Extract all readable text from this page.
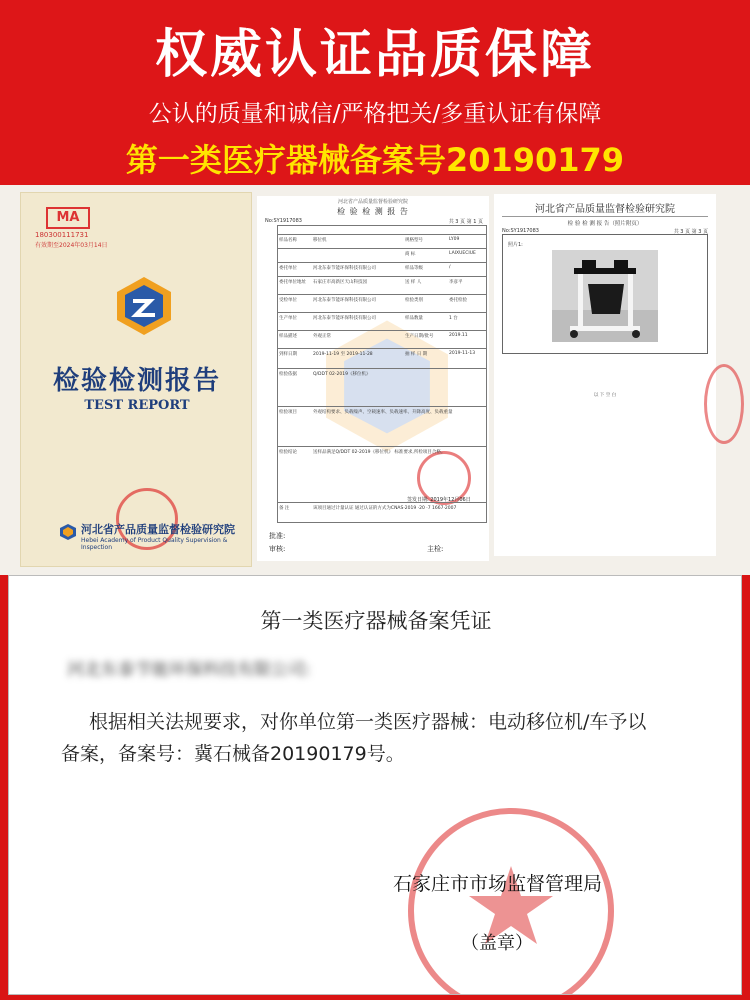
权威认证品质保障
公认的质量和诚信/严格把关/多重认证有保障
第一类医疗器械备案号20190179
MA
180300111731
有效期至2024年03月14日
检验检测报告
TEST REPORT
河北省产品质量监督检验研究院
Hebei Academy of Product Quality Supervision & Inspection
河北省产品质量监督检验研究院
检 验 检 测 报 告
No:SY1917083	共 3 页 第 1 页
签发日期: 2019年12月06日
批准:
审核:	主检:
样品名称	移位机	规格型号	LY09
商 标	LAIXUECIUE
委托单位	河北东泰节能环保科技有限公司	样品等级	/
委托单位地址 石家庄市高新区天山科技园	送 样 人	李彦平
受检单位	河北东泰节能环保科技有限公司	检验类别	委托检验
生产单位	河北东泰节能环保科技有限公司	样品数量	1 台
样品描述	外观正常	生产日期/批号	2019.11
到样日期	2019-11-19 至 2019-11-28	抽 样 日 期	2019-11-13
检验依据	Q/DDT 02-2019《移位机》
检验项目	外观结构要求、负载噪声、空载速率、负载速率、升降高度、负载重量
检验结论	送样品满足Q/DDT 02-2019《移位机》 标准要求,所检项目合格。
备 注	该项目通过计量认证 通过认证的方式为CNAS·2019 ·20 ·7 1667·2007
河北省产品质量监督检验研究院
检 验 检 测 报 告（照片附页）
No:SY1917083	共 3 页 第 3 页
照片1:
以 下 空 白
第一类医疗器械备案凭证
河北东泰节能环保科技有限公司:
根据相关法规要求，对你单位第一类医疗器械：电动移位机/车予以
备案，备案号：冀石械备20190179号。
石家庄市市场监督管理局
（盖章）
